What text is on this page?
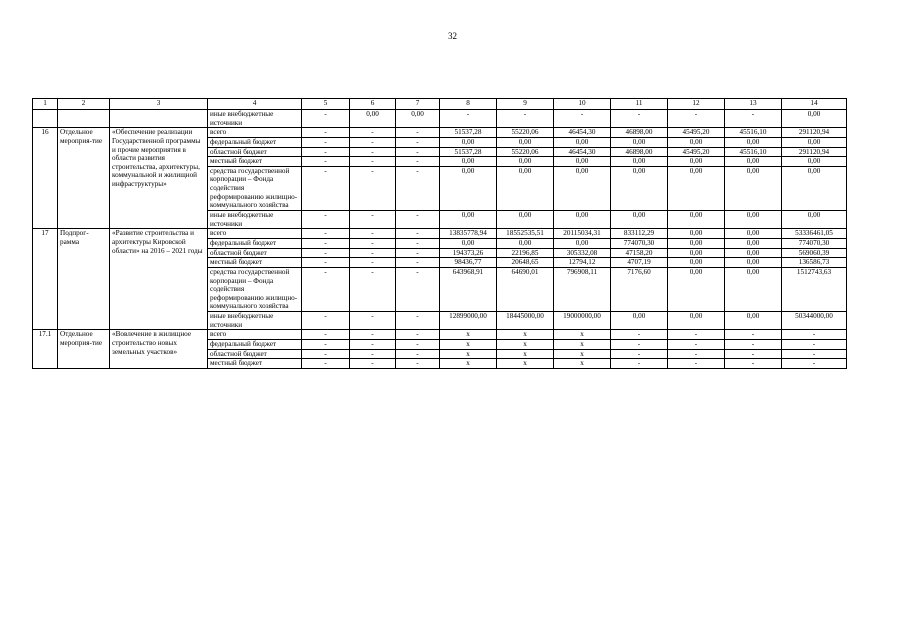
32
1	2	3	4	5	6	7	8	9	10	11	12	13	14
			иные внебюджетные источники	-	0,00	0,00	-	-	-	-	-	-	0,00
16	Отдельное мероприя-тие	«Обеспечение реализации Государственной программы и прочие мероприятия в области развития строительства, архитектуры, коммунальной и жилищной инфраструктуры»	всего	-	-	-	51537,28	55220,06	46454,30	46898,00	45495,20	45516,10	291120,94
			федеральный бюджет	-	-	-	0,00	0,00	0,00	0,00	0,00	0,00	0,00
			областной бюджет	-	-	-	51537,28	55220,06	46454,30	46898,00	45495,20	45516,10	291120,94
			местный бюджет	-	-	-	0,00	0,00	0,00	0,00	0,00	0,00	0,00
			средства государственной корпорации – Фонда содействия реформированию жилищно-коммунального хозяйства	-	-	-	0,00	0,00	0,00	0,00	0,00	0,00	0,00
			иные внебюджетные источники	-	-	-	0,00	0,00	0,00	0,00	0,00	0,00	0,00
17	Подпрог-рамма	«Развитие строительства и архитектуры Кировской области» на 2016 – 2021 годы	всего	-	-	-	13835778,94	18552535,51	20115034,31	833112,29	0,00	0,00	53336461,05
			федеральный бюджет	-	-	-	0,00	0,00	0,00	774070,30	0,00	0,00	774070,30
			областной бюджет	-	-	-	194373,26	22196,85	305332,08	47158,20	0,00	0,00	569060,39
			местный бюджет	-	-	-	98436,77	20648,65	12794,12	4707,19	0,00	0,00	136586,73
			средства государственной корпорации – Фонда содействия реформированию жилищно-коммунального хозяйства	-	-	-	643968,91	64690,01	796908,11	7176,60	0,00	0,00	1512743,63
			иные внебюджетные источники	-	-	-	12899000,00	18445000,00	19000000,00	0,00	0,00	0,00	50344000,00
17.1	Отдельное мероприя-тие	«Вовлечение в жилищное строительство новых земельных участков»	всего	-	-	-	x	x	x	-	-	-	-
			федеральный бюджет	-	-	-	x	x	x	-	-	-	-
			областной бюджет	-	-	-	x	x	x	-	-	-	-
			местный бюджет	-	-	-	x	x	x	-	-	-	-
